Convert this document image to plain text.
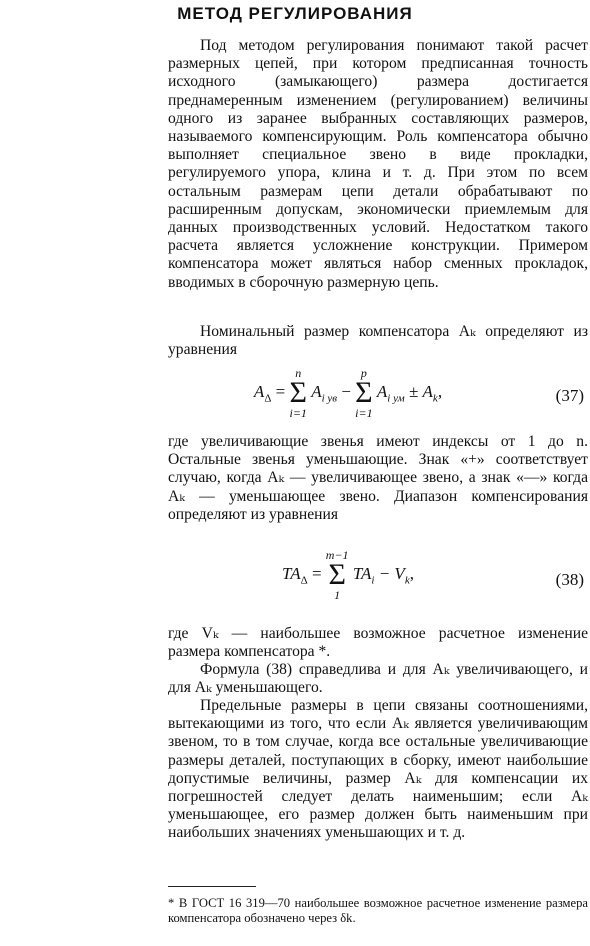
МЕТОД РЕГУЛИРОВАНИЯ

Под методом регулирования понимают такой расчет размерных цепей, при котором предписанная точность исходного (замыкающего) размера достигается преднамеренным изменением (регулированием) величины одного из заранее выбранных составляющих размеров, называемого компенсирующим. Роль компенсатора обычно выполняет специальное звено в виде прокладки, регулируемого упора, клина и т. д. При этом по всем остальным размерам цепи детали обрабатывают по расширенным допускам, экономически приемлемым для данных производственных условий. Недостатком такого расчета является усложнение конструкции. Примером компенсатора может являться набор сменных прокладок, вводимых в сборочную размерную цепь.

Номинальный размер компенсатора Aₖ определяют из уравнения

$A_\Delta$ =
n
Σ
i=1
$A_{i ув}$ −
p
Σ
i=1
$A_{i ум} \pm A_k$,	(37)

где увеличивающие звенья имеют индексы от 1 до n. Остальные звенья уменьшающие. Знак «+» соответствует случаю, когда Aₖ — увеличивающее звено, а знак «—» когда Aₖ — уменьшающее звено. Диапазон компенсирования определяют из уравнения

$TA_\Delta$ =
m−1
Σ
1
$TA_i - V_k$,	(38)

где Vₖ — наибольшее возможное расчетное изменение размера компенсатора *.

Формула (38) справедлива и для Aₖ увеличивающего, и для Aₖ уменьшающего.

Предельные размеры в цепи связаны соотношениями, вытекающими из того, что если Aₖ является увеличивающим звеном, то в том случае, когда все остальные увеличивающие размеры деталей, поступающих в сборку, имеют наибольшие допустимые величины, размер Aₖ для компенсации их погрешностей следует делать наименьшим; если Aₖ уменьшающее, его размер должен быть наименьшим при наибольших значениях уменьшающих и т. д.

* В ГОСТ 16 319—70 наибольшее возможное расчетное изменение размера компенсатора обозначено через δk.
